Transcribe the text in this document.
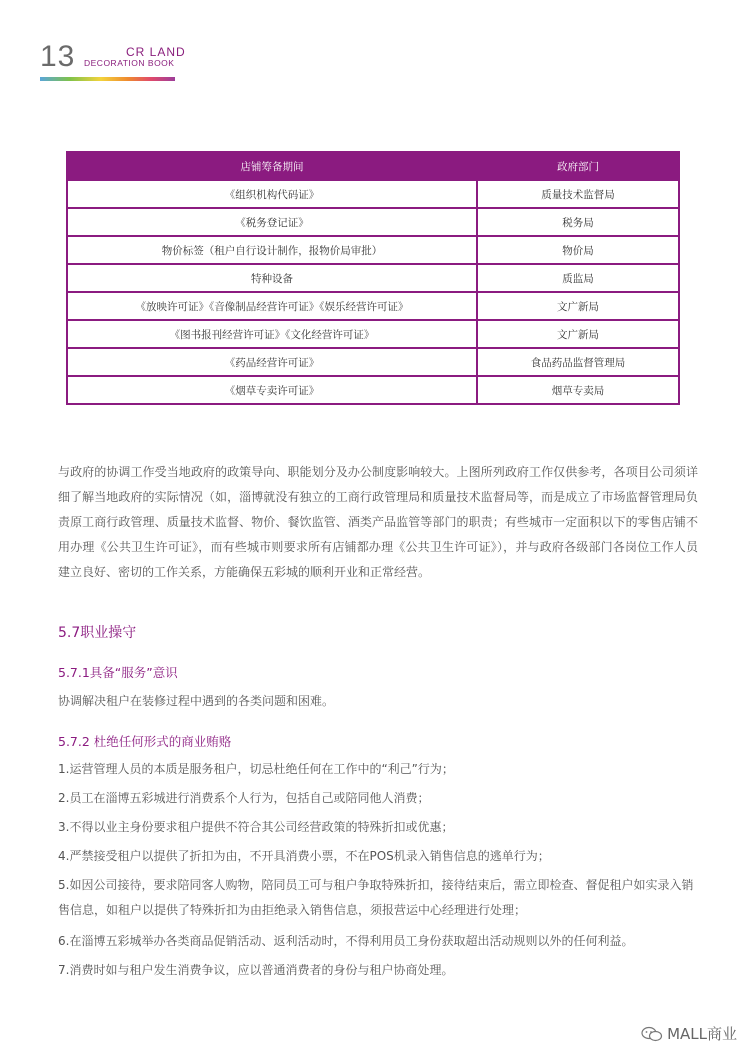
13	CR LAND
DECORATION BOOK
店铺筹备期间	政府部门
《组织机构代码证》	质量技术监督局
《税务登记证》	税务局
物价标签（租户自行设计制作，报物价局审批）	物价局
特种设备	质监局
《放映许可证》《音像制品经营许可证》《娱乐经营许可证》	文广新局
《图书报刊经营许可证》《文化经营许可证》	文广新局
《药品经营许可证》	食品药品监督管理局
《烟草专卖许可证》	烟草专卖局
与政府的协调工作受当地政府的政策导向、职能划分及办公制度影响较大。上图所列政府工作仅供参考，各项目公司须详细了解当地政府的实际情况（如，淄博就没有独立的工商行政管理局和质量技术监督局等，而是成立了市场监督管理局负责原工商行政管理、质量技术监督、物价、餐饮监管、酒类产品监管等部门的职责；有些城市一定面积以下的零售店铺不用办理《公共卫生许可证》，而有些城市则要求所有店铺都办理《公共卫生许可证》），并与政府各级部门各岗位工作人员建立良好、密切的工作关系，方能确保五彩城的顺利开业和正常经营。
5.7职业操守
5.7.1具备“服务”意识
协调解决租户在装修过程中遇到的各类问题和困难。
5.7.2 杜绝任何形式的商业贿赂
1.运营管理人员的本质是服务租户，切忌杜绝任何在工作中的“利己”行为；
2.员工在淄博五彩城进行消费系个人行为，包括自己或陪同他人消费；
3.不得以业主身份要求租户提供不符合其公司经营政策的特殊折扣或优惠；
4.严禁接受租户以提供了折扣为由，不开具消费小票，不在POS机录入销售信息的逃单行为；
5.如因公司接待，要求陪同客人购物，陪同员工可与租户争取特殊折扣，接待结束后，需立即检查、督促租户如实录入销售信息，如租户以提供了特殊折扣为由拒绝录入销售信息，须报营运中心经理进行处理；
6.在淄博五彩城举办各类商品促销活动、返利活动时，不得利用员工身份获取超出活动规则以外的任何利益。
7.消费时如与租户发生消费争议，应以普通消费者的身份与租户协商处理。
MALL商业
